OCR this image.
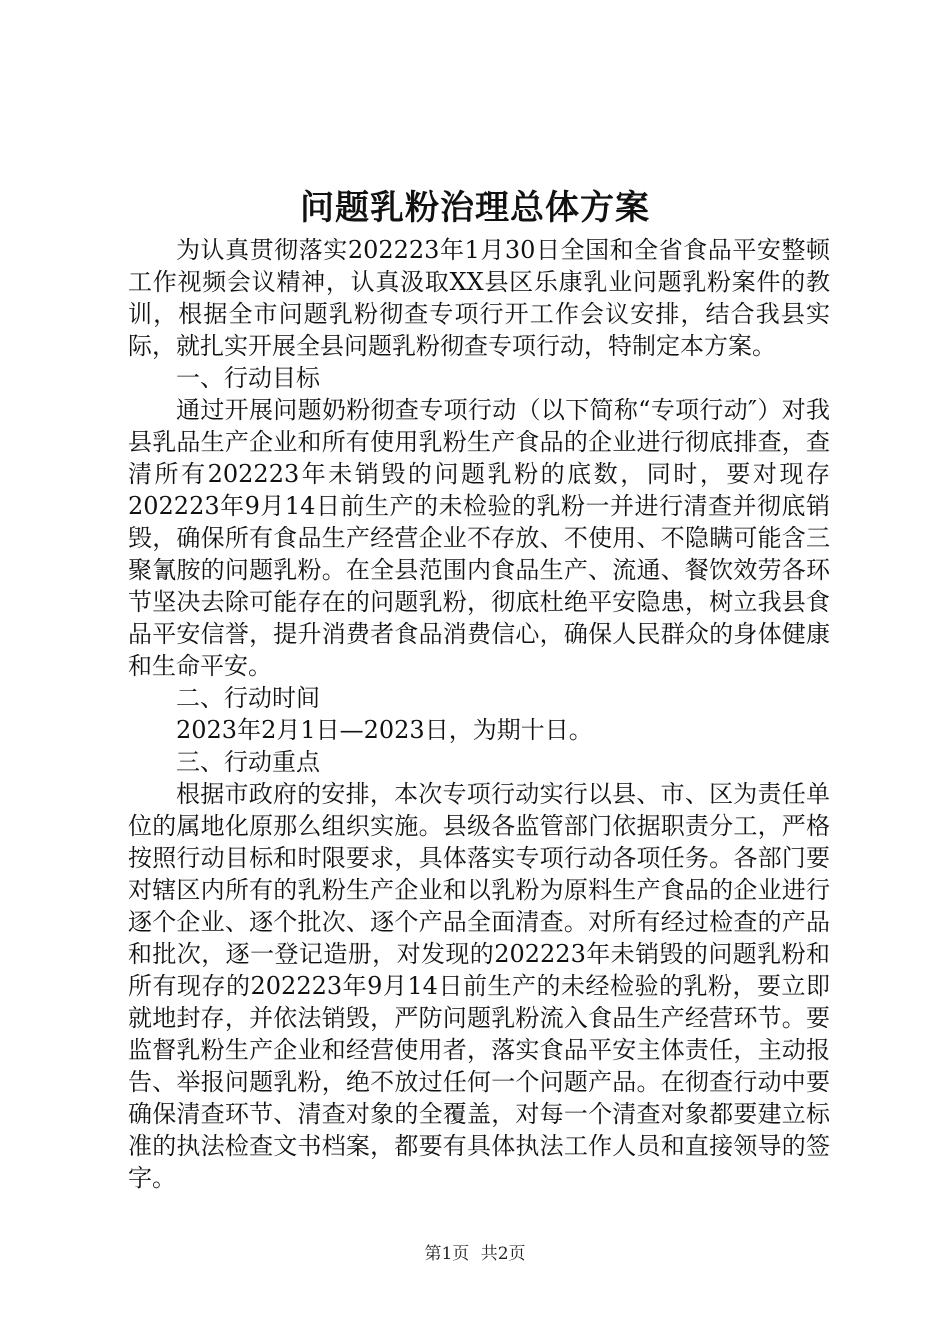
问题乳粉治理总体方案

为认真贯彻落实202223年1月30日全国和全省食品平安整顿工作视频会议精神，认真汲取XX县区乐康乳业问题乳粉案件的教训，根据全市问题乳粉彻查专项行开工作会议安排，结合我县实际，就扎实开展全县问题乳粉彻查专项行动，特制定本方案。

一、行动目标

通过开展问题奶粉彻查专项行动（以下简称“专项行动″）对我县乳品生产企业和所有使用乳粉生产食品的企业进行彻底排查，查清所有202223年未销毁的问题乳粉的底数，同时，要对现存202223年9月14日前生产的未检验的乳粉一并进行清查并彻底销毁，确保所有食品生产经营企业不存放、不使用、不隐瞒可能含三聚氰胺的问题乳粉。在全县范围内食品生产、流通、餐饮效劳各环节坚决去除可能存在的问题乳粉，彻底杜绝平安隐患，树立我县食品平安信誉，提升消费者食品消费信心，确保人民群众的身体健康和生命平安。

二、行动时间

2023年2月1日—2023日，为期十日。

三、行动重点

根据市政府的安排，本次专项行动实行以县、市、区为责任单位的属地化原那么组织实施。县级各监管部门依据职责分工，严格按照行动目标和时限要求，具体落实专项行动各项任务。各部门要对辖区内所有的乳粉生产企业和以乳粉为原料生产食品的企业进行逐个企业、逐个批次、逐个产品全面清查。对所有经过检查的产品和批次，逐一登记造册，对发现的202223年未销毁的问题乳粉和所有现存的202223年9月14日前生产的未经检验的乳粉，要立即就地封存，并依法销毁，严防问题乳粉流入食品生产经营环节。要监督乳粉生产企业和经营使用者，落实食品平安主体责任，主动报告、举报问题乳粉，绝不放过任何一个问题产品。在彻查行动中要确保清查环节、清查对象的全覆盖，对每一个清查对象都要建立标准的执法检查文书档案，都要有具体执法工作人员和直接领导的签字。

第1页 共2页
